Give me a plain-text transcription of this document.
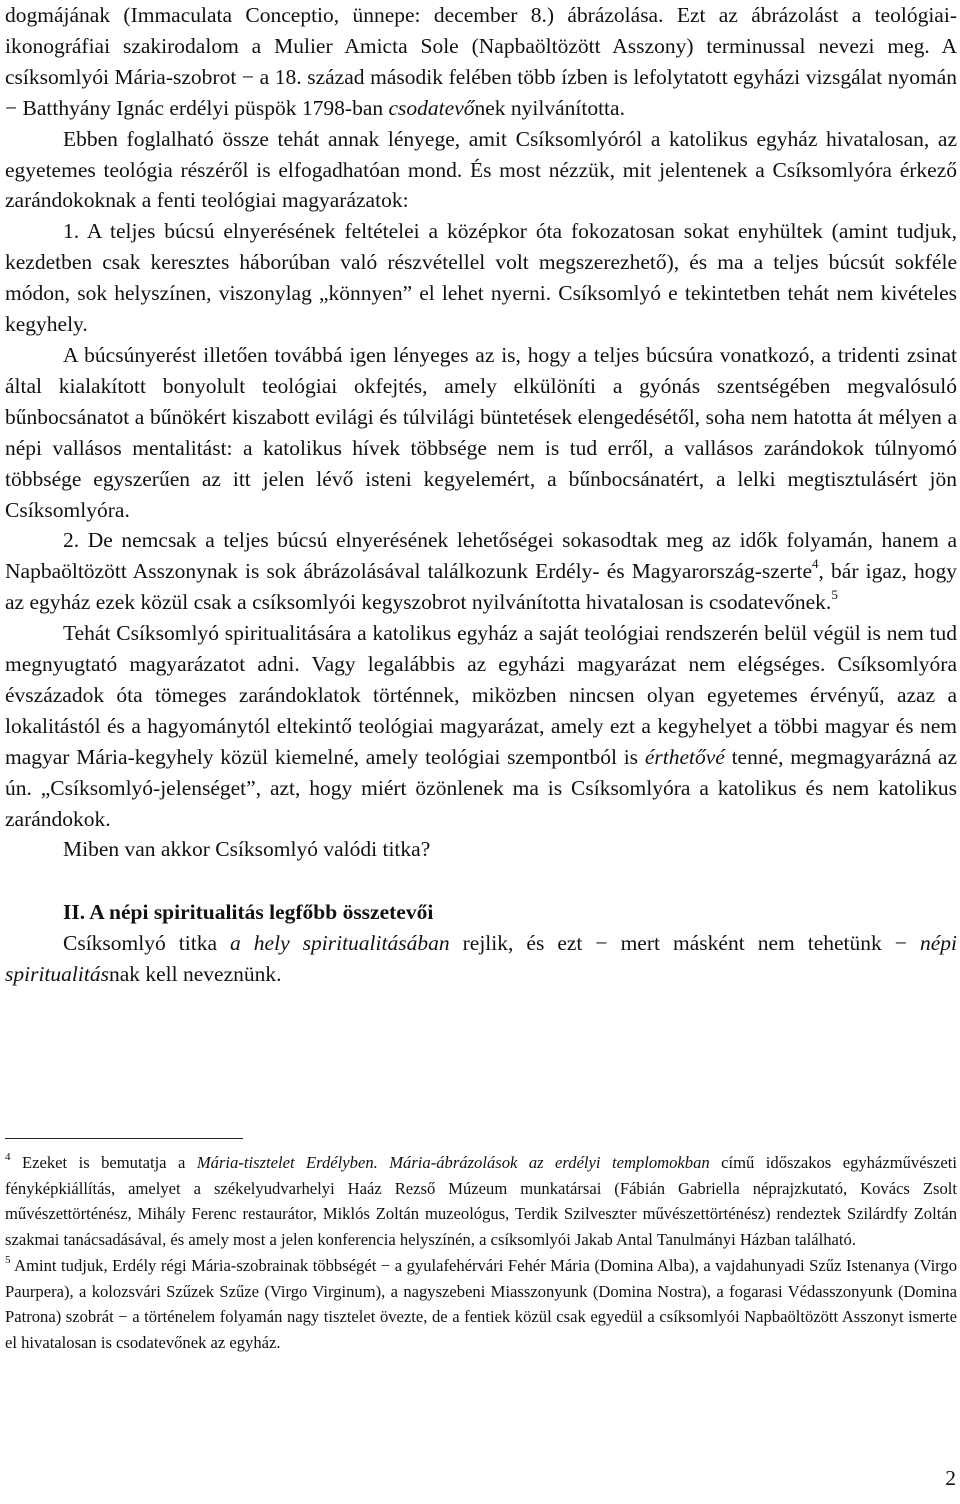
dogmájának (Immaculata Conceptio, ünnepe: december 8.) ábrázolása. Ezt az ábrázolást a teológiai-ikonográfiai szakirodalom a Mulier Amicta Sole (Napbaöltözött Asszony) terminussal nevezi meg. A csíksomlyói Mária-szobrot − a 18. század második felében több ízben is lefolytatott egyházi vizsgálat nyomán − Batthyány Ignác erdélyi püspök 1798-ban csodatevőnek nyilvánította.

Ebben foglalható össze tehát annak lényege, amit Csíksomlyóról a katolikus egyház hivatalosan, az egyetemes teológia részéről is elfogadhatóan mond. És most nézzük, mit jelentenek a Csíksomlyóra érkező zarándokoknak a fenti teológiai magyarázatok:

1. A teljes búcsú elnyerésének feltételei a középkor óta fokozatosan sokat enyhültek (amint tudjuk, kezdetben csak keresztes háborúban való részvétellel volt megszerezhető), és ma a teljes búcsút sokféle módon, sok helyszínen, viszonylag „könnyen” el lehet nyerni. Csíksomlyó e tekintetben tehát nem kivételes kegyhely.

A búcsúnyerést illetően továbbá igen lényeges az is, hogy a teljes búcsúra vonatkozó, a tridenti zsinat által kialakított bonyolult teológiai okfejtés, amely elkülöníti a gyónás szentségében megvalósuló bűnbocsánatot a bűnökért kiszabott evilági és túlvilági büntetések elengedésétől, soha nem hatotta át mélyen a népi vallásos mentalitást: a katolikus hívek többsége nem is tud erről, a vallásos zarándokok túlnyomó többsége egyszerűen az itt jelen lévő isteni kegyelemért, a bűnbocsánatért, a lelki megtisztulásért jön Csíksomlyóra.

2. De nemcsak a teljes búcsú elnyerésének lehetőségei sokasodtak meg az idők folyamán, hanem a Napbaöltözött Asszonynak is sok ábrázolásával találkozunk Erdély- és Magyarország-szerte$^4$, bár igaz, hogy az egyház ezek közül csak a csíksomlyói kegyszobrot nyilvánította hivatalosan is csodatevőnek.$^5$

Tehát Csíksomlyó spiritualitására a katolikus egyház a saját teológiai rendszerén belül végül is nem tud megnyugtató magyarázatot adni. Vagy legalábbis az egyházi magyarázat nem elégséges. Csíksomlyóra évszázadok óta tömeges zarándoklatok történnek, miközben nincsen olyan egyetemes érvényű, azaz a lokalitástól és a hagyománytól eltekintő teológiai magyarázat, amely ezt a kegyhelyet a többi magyar és nem magyar Mária-kegyhely közül kiemelné, amely teológiai szempontból is érthetővé tenné, megmagyarázná az ún. „Csíksomlyó-jelenséget”, azt, hogy miért özönlenek ma is Csíksomlyóra a katolikus és nem katolikus zarándokok.

Miben van akkor Csíksomlyó valódi titka?

II. A népi spiritualitás legfőbb összetevői

Csíksomlyó titka a hely spiritualitásában rejlik, és ezt − mert másként nem tehetünk − népi spiritualitásnak kell neveznünk.

$^4$ Ezeket is bemutatja a Mária-tisztelet Erdélyben. Mária-ábrázolások az erdélyi templomokban című időszakos egyházművészeti fényképkiállítás, amelyet a székelyudvarhelyi Haáz Rezső Múzeum munkatársai (Fábián Gabriella néprajzkutató, Kovács Zsolt művészettörténész, Mihály Ferenc restaurátor, Miklós Zoltán muzeológus, Terdik Szilveszter művészettörténész) rendeztek Szilárdfy Zoltán szakmai tanácsadásával, és amely most a jelen konferencia helyszínén, a csíksomlyói Jakab Antal Tanulmányi Házban található.

$^5$ Amint tudjuk, Erdély régi Mária-szobrainak többségét − a gyulafehérvári Fehér Mária (Domina Alba), a vajdahunyadi Szűz Istenanya (Virgo Paurpera), a kolozsvári Szűzek Szűze (Virgo Virginum), a nagyszebeni Miasszonyunk (Domina Nostra), a fogarasi Védasszonyunk (Domina Patrona) szobrát − a történelem folyamán nagy tisztelet övezte, de a fentiek közül csak egyedül a csíksomlyói Napbaöltözött Asszonyt ismerte el hivatalosan is csodatevőnek az egyház.

2
